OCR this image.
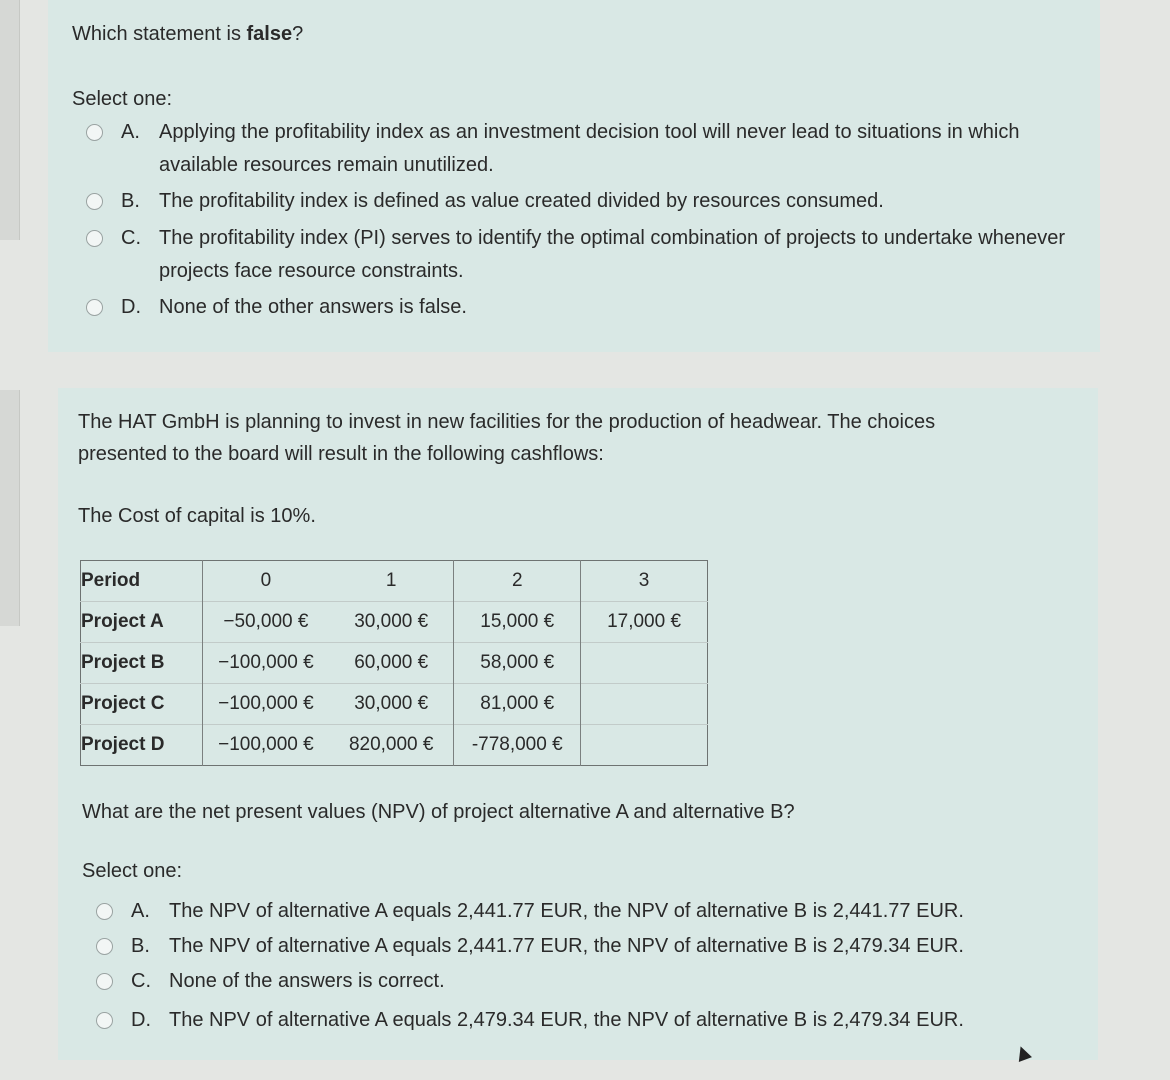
Which statement is false?

Select one:
A. Applying the profitability index as an investment decision tool will never lead to situations in which available resources remain unutilized.
B. The profitability index is defined as value created divided by resources consumed.
C. The profitability index (PI) serves to identify the optimal combination of projects to undertake whenever projects face resource constraints.
D. None of the other answers is false.

The HAT GmbH is planning to invest in new facilities for the production of headwear. The choices presented to the board will result in the following cashflows:

The Cost of capital is 10%.

Period	0	1	2	3
Project A	−50,000 €	30,000 €	15,000 €	17,000 €
Project B	−100,000 €	60,000 €	58,000 €	
Project C	−100,000 €	30,000 €	81,000 €	
Project D	−100,000 €	820,000 €	-778,000 €	

What are the net present values (NPV) of project alternative A and alternative B?

Select one:
A. The NPV of alternative A equals 2,441.77 EUR, the NPV of alternative B is 2,441.77 EUR.
B. The NPV of alternative A equals 2,441.77 EUR, the NPV of alternative B is 2,479.34 EUR.
C. None of the answers is correct.
D. The NPV of alternative A equals 2,479.34 EUR, the NPV of alternative B is 2,479.34 EUR.
